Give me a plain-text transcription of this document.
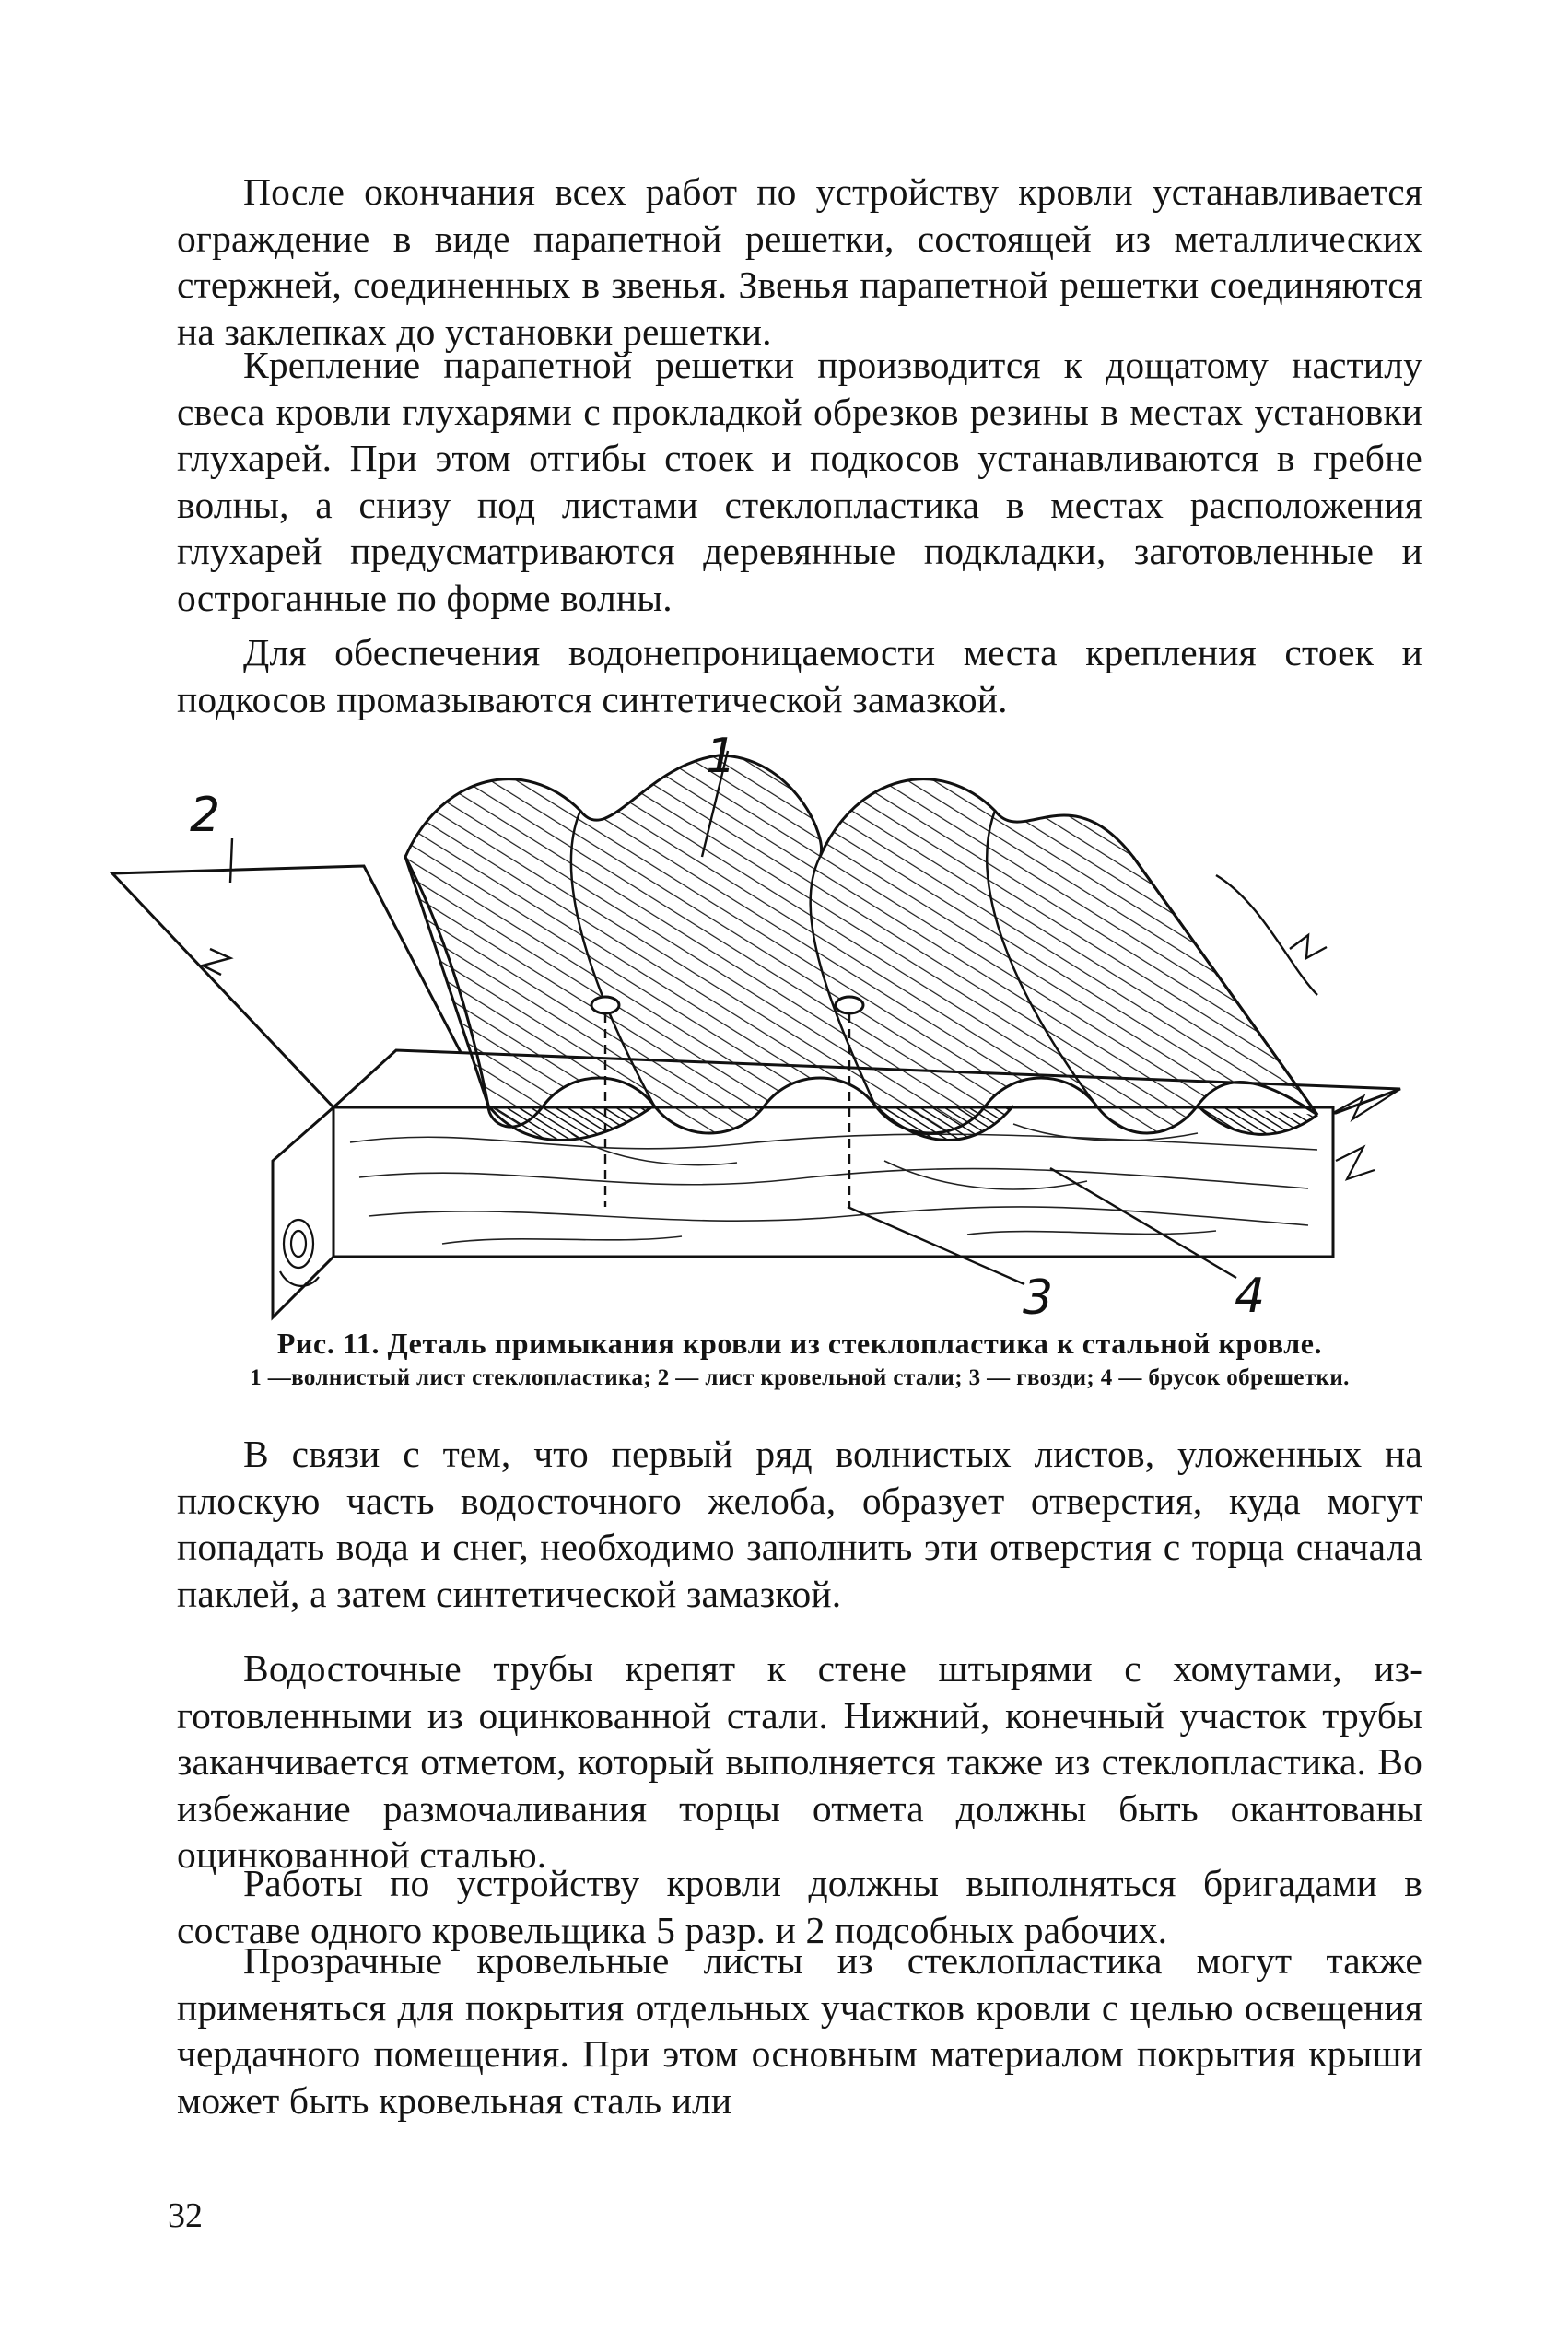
После окончания всех работ по устройству кровли устанавливается ограждение в виде парапетной решетки, состоящей из металлических стержней, соединенных в звенья. Звенья парапетной решетки соединяются на заклепках до установки решетки.

Крепление парапетной решетки производится к дощатому настилу свеса кровли глухарями с прокладкой обрезков резины в местах установки глухарей. При этом отгибы стоек и подкосов устанавливаются в гребне волны, а снизу под листами стеклопластика в местах расположения глухарей предусматриваются деревянные подкладки, заготовленные и остроганные по форме волны.

Для обеспечения водонепроницаемости места крепления стоек и подкосов промазываются синтетической замазкой.

1
2
3	4

Рис. 11. Деталь примыкания кровли из стеклопластика к стальной кровле.

1 —волнистый лист стеклопластика; 2 — лист кровельной стали; 3 — гвозди; 4 — брусок обрешетки.

В связи с тем, что первый ряд волнистых листов, уложенных на плоскую часть водосточного желоба, образует отверстия, куда могут попадать вода и снег, необходимо заполнить эти отверстия с торца сначала паклей, а затем синтетической замазкой.

Водосточные трубы крепят к стене штырями с хомутами, изготовленными из оцинкованной стали. Нижний, конечный участок трубы заканчивается отметом, который выполняется также из стеклопластика. Во избежание размочаливания торцы отмета должны быть окантованы оцинкованной сталью.

Работы по устройству кровли должны выполняться бригадами в составе одного кровельщика 5 разр. и 2 подсобных рабочих.

Прозрачные кровельные листы из стеклопластика могут также применяться для покрытия отдельных участков кровли с целью освещения чердачного помещения. При этом основным материалом покрытия крыши может быть кровельная сталь или

32
